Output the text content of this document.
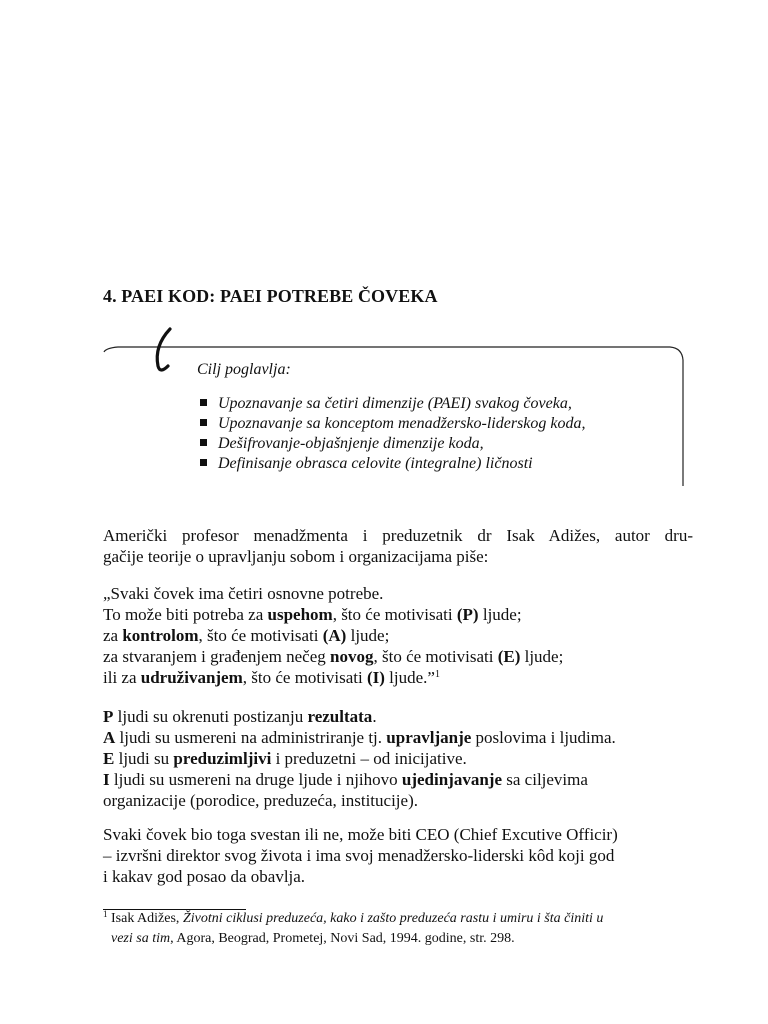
4. PAEI KOD: PAEI POTREBE ČOVEKA
Cilj poglavlja:
Upoznavanje sa četiri dimenzije (PAEI) svakog čoveka,
Upoznavanje sa konceptom menadžersko-liderskog koda,
Dešifrovanje-objašnjenje dimenzije koda,
Definisanje obrasca celovite (integralne) ličnosti

Američki profesor menadžmenta i preduzetnik dr Isak Adižes, autor dru-
gačije teorije o upravljanju sobom i organizacijama piše:

„Svaki čovek ima četiri osnovne potrebe.
To može biti potreba za uspehom, što će motivisati (P) ljude;
za kontrolom, što će motivisati (A) ljude;
za stvaranjem i građenjem nečeg novog, što će motivisati (E) ljude;
ili za udruživanjem, što će motivisati (I) ljude.”$^1$

P ljudi su okrenuti postizanju rezultata.
A ljudi su usmereni na administriranje tj. upravljanje poslovima i ljudima.
E ljudi su preduzimljivi i preduzetni – od inicijative.
I ljudi su usmereni na druge ljude i njihovo ujedinjavanje sa ciljevima
organizacije (porodice, preduzeća, institucije).

Svaki čovek bio toga svestan ili ne, može biti CEO (Chief Excutive Officir)
– izvršni direktor svog života i ima svoj menadžersko-liderski kôd koji god
i kakav god posao da obavlja.

$^1$ Isak Adižes, Životni ciklusi preduzeća, kako i zašto preduzeća rastu i umiru i šta činiti u
vezi sa tim, Agora, Beograd, Prometej, Novi Sad, 1994. godine, str. 298.
